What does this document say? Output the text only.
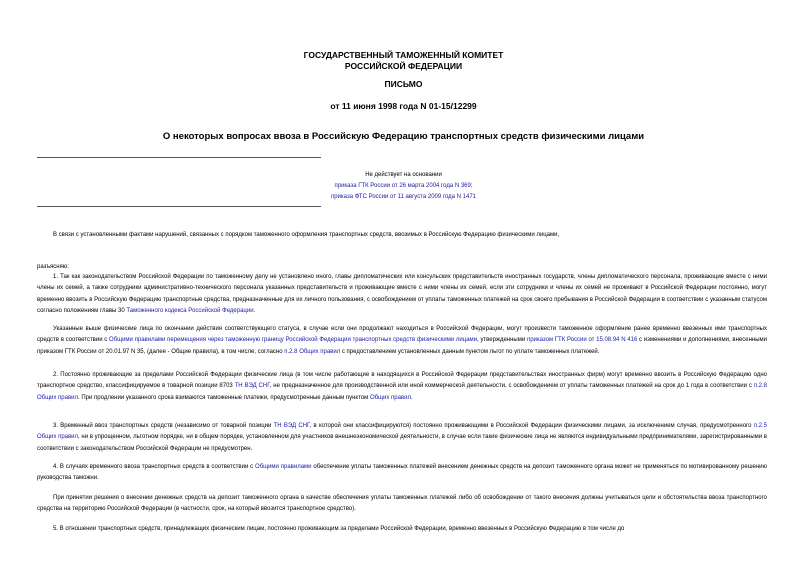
ГОСУДАРСТВЕННЫЙ ТАМОЖЕННЫЙ КОМИТЕТ
РОССИЙСКОЙ ФЕДЕРАЦИИ
ПИСЬМО
от 11 июня 1998 года N 01-15/12299
О некоторых вопросах ввоза в Российскую Федерацию транспортных средств физическими лицами
Не действует на основании
приказа ГТК России от 26 марта 2004 года N 369;
приказа ФТС России от 11 августа 2009 года N 1471

В связи с установленными фактами нарушений, связанных с порядком таможенного оформления транспортных средств, ввозимых в Российскую Федерацию физическими лицами,

разъясняю:

1. Так как законодательством Российской Федерации по таможенному делу не установлено иного, главы дипломатических или консульских представительств иностранных государств, члены дипломатического персонала, проживающие вместе с ними члены их семей, а также сотрудники административно-технического персонала указанных представительств и проживающие вместе с ними члены их семей, если эти сотрудники и члены их семей не проживают в Российской Федерации постоянно, могут временно ввозить в Российскую Федерацию транспортные средства, предназначенные для их личного пользования, с освобождением от уплаты таможенных платежей на срок своего пребывания в Российской Федерации в соответствии с указанным статусом согласно положениям главы 30 Таможенного кодекса Российской Федерации.

Указанные выше физические лица по окончании действия соответствующего статуса, в случае если они продолжают находиться в Российской Федерации, могут произвести таможенное оформление ранее временно ввезенных ими транспортных средств в соответствии с Общими правилами перемещения через таможенную границу Российской Федерации транспортных средств физическими лицами, утвержденными приказом ГТК России от 15.08.94 N 416 с изменениями и дополнениями, внесенными приказом ГТК России от 20.01.97 N 35, (далее - Общие правила), в том числе, согласно п.2.8 Общих правил с предоставлением установленных данным пунктом льгот по уплате таможенных платежей.

2. Постоянно проживающие за пределами Российской Федерации физические лица (в том числе работающие в находящихся в Российской Федерации представительствах иностранных фирм) могут временно ввозить в Российскую Федерацию одно транспортное средство, классифицируемое в товарной позиции 8703 ТН ВЭД СНГ, не предназначенное для производственной или иной коммерческой деятельности, с освобождением от уплаты таможенных платежей на срок до 1 года в соответствии с п.2.8 Общих правил. При продлении указанного срока взимаются таможенные платежи, предусмотренные данным пунктом Общих правил.

3. Временный ввоз транспортных средств (независимо от товарной позиции ТН ВЭД СНГ, в которой они классифицируются) постоянно проживающими в Российской Федерации физическими лицами, за исключением случая, предусмотренного п.2.5 Общих правил, ни в упрощенном, льготном порядке, ни в общем порядке, установленном для участников внешнеэкономической деятельности, в случае если такие физические лица не являются индивидуальными предпринимателями, зарегистрированными в соответствии с законодательством Российской Федерации не предусмотрен.

4. В случаях временного ввоза транспортных средств в соответствии с Общими правилами обеспечение уплаты таможенных платежей внесением денежных средств на депозит таможенного органа может не применяться по мотивированному решению руководства таможни.

При принятии решения о внесении денежных средств на депозит таможенного органа в качестве обеспечения уплаты таможенных платежей либо об освобождении от такого внесения должны учитываться цели и обстоятельства ввоза транспортного средства на территорию Российской Федерации (в частности, срок, на который ввозится транспортное средство).

5. В отношении транспортных средств, принадлежащих физическим лицам, постоянно проживающим за пределами Российской Федерации, временно ввезенных в Российскую Федерацию в том числе до
